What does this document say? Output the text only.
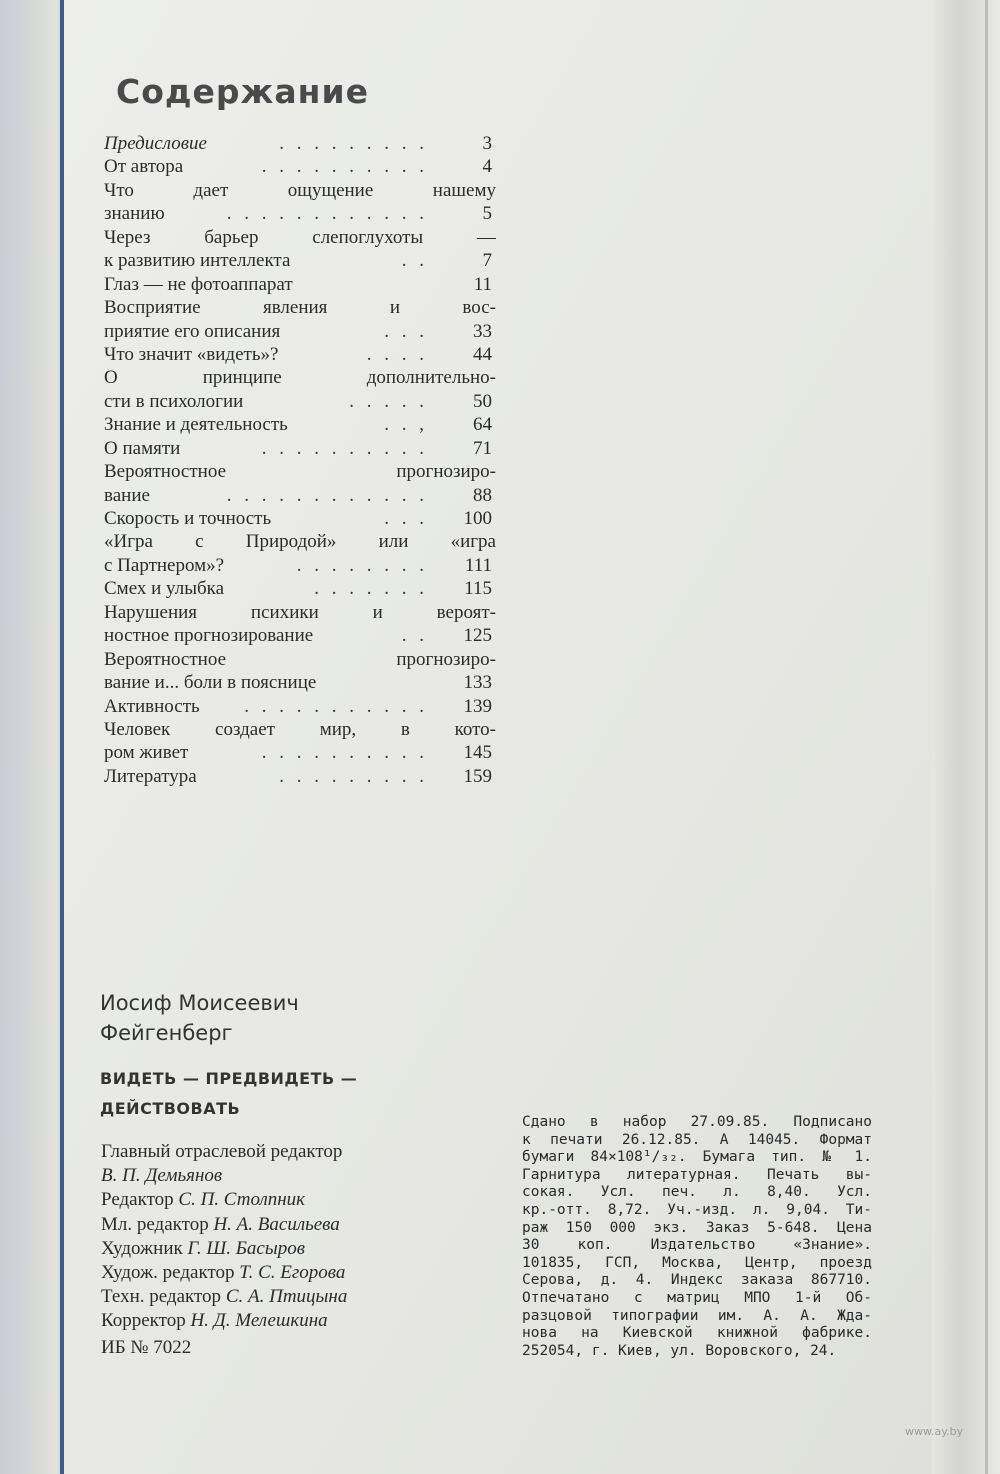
Содержание
Предисловие	. . . . . . . . .	3
От автора	. . . . . . . . . .	4
Что дает ощущение нашему
знанию	. . . . . . . . . . . .	5
Через барьер слепоглухоты —
к развитию интеллекта	. .	7
Глаз — не фотоаппарат	11
Восприятие явления и вос-
приятие его описания	. . . 33
Что значит «видеть»?	. . . . 44
О принципе дополнительно-
сти в психологии	. . . . . 50
Знание и деятельность	. . , 64
О памяти	. . . . . . . . . . 71
Вероятностное прогнозиро-
вание	. . . . . . . . . . . . 88
Скорость и точность	. . . 100
«Игра с Природой» или «игра
с Партнером»?	. . . . . . . . 111
Смех и улыбка	. . . . . . . 115
Нарушения психики и вероят-
ностное прогнозирование	. . 125
Вероятностное прогнозиро-
вание и... боли в пояснице	133
Активность . . . . . . . . . . . 139
Человек создает мир, в кото-
ром живет	. . . . . . . . . . 145
Литература	. . . . . . . . . 159
Иосиф Моисеевич
Фейгенберг
ВИДЕТЬ — ПРЕДВИДЕТЬ —
ДЕЙСТВОВАТЬ
Главный отраслевой редактор
В. П. Демьянов
Редактор С. П. Столпник
Мл. редактор Н. А. Васильева
Художник Г. Ш. Басыров
Худож. редактор Т. С. Егорова
Техн. редактор С. А. Птицына
Корректор Н. Д. Мелешкина
ИБ № 7022
Сдано в набор 27.09.85. Подписано
к печати 26.12.85. А 14045. Формат
бумаги 84×108¹/₃₂. Бумага тип. № 1.
Гарнитура литературная. Печать вы-
сокая. Усл. печ. л. 8,40. Усл.
кр.-отт. 8,72. Уч.-изд. л. 9,04. Ти-
раж 150 000 экз. Заказ 5-648. Цена
30 коп. Издательство «Знание».
101835, ГСП, Москва, Центр, проезд
Серова, д. 4. Индекс заказа 867710.
Отпечатано с матриц МПО 1-й Об-
разцовой типографии им. А. А. Жда-
нова на Киевской книжной фабрике.
252054, г. Киев, ул. Воровского, 24.
www.ay.by
